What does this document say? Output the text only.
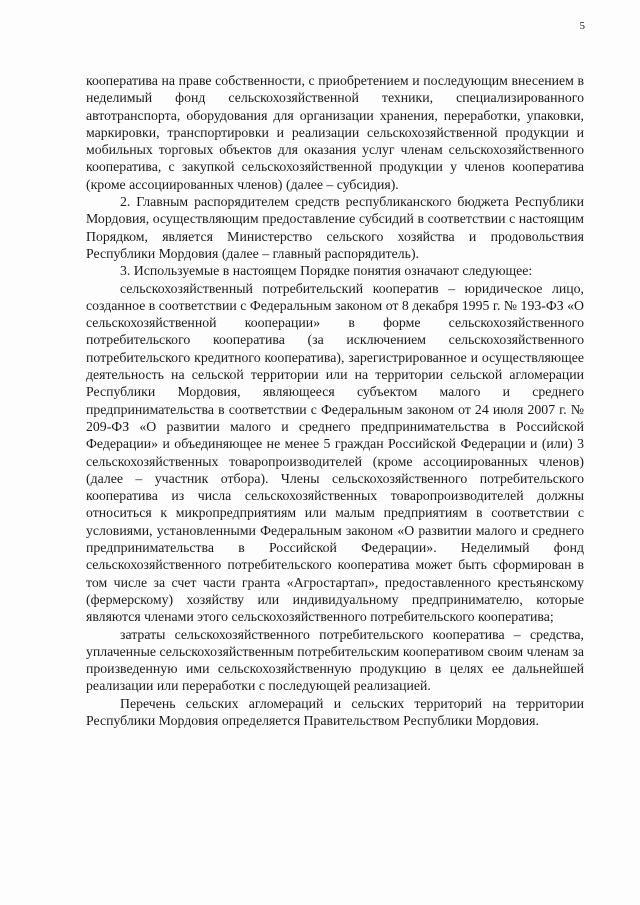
5

кооператива на праве собственности, с приобретением и последующим внесением в неделимый фонд сельскохозяйственной техники, специализированного автотранспорта, оборудования для организации хранения, переработки, упаковки, маркировки, транспортировки и реализации сельскохозяйственной продукции и мобильных торговых объектов для оказания услуг членам сельскохозяйственного кооператива, с закупкой сельскохозяйственной продукции у членов кооператива (кроме ассоциированных членов) (далее – субсидия).

2. Главным распорядителем средств республиканского бюджета Республики Мордовия, осуществляющим предоставление субсидий в соответствии с настоящим Порядком, является Министерство сельского хозяйства и продовольствия Республики Мордовия (далее – главный распорядитель).

3. Используемые в настоящем Порядке понятия означают следующее:

сельскохозяйственный потребительский кооператив – юридическое лицо, созданное в соответствии с Федеральным законом от 8 декабря 1995 г. № 193-ФЗ «О сельскохозяйственной кооперации» в форме сельскохозяйственного потребительского кооператива (за исключением сельскохозяйственного потребительского кредитного кооператива), зарегистрированное и осуществляющее деятельность на сельской территории или на территории сельской агломерации Республики Мордовия, являющееся субъектом малого и среднего предпринимательства в соответствии с Федеральным законом от 24 июля 2007 г. № 209-ФЗ «О развитии малого и среднего предпринимательства в Российской Федерации» и объединяющее не менее 5 граждан Российской Федерации и (или) 3 сельскохозяйственных товаропроизводителей (кроме ассоциированных членов) (далее – участник отбора). Члены сельскохозяйственного потребительского кооператива из числа сельскохозяйственных товаропроизводителей должны относиться к микропредприятиям или малым предприятиям в соответствии с условиями, установленными Федеральным законом «О развитии малого и среднего предпринимательства в Российской Федерации». Неделимый фонд сельскохозяйственного потребительского кооператива может быть сформирован в том числе за счет части гранта «Агростартап», предоставленного крестьянскому (фермерскому) хозяйству или индивидуальному предпринимателю, которые являются членами этого сельскохозяйственного потребительского кооператива;

затраты сельскохозяйственного потребительского кооператива – средства, уплаченные сельскохозяйственным потребительским кооперативом своим членам за произведенную ими сельскохозяйственную продукцию в целях ее дальнейшей реализации или переработки с последующей реализацией.

Перечень сельских агломераций и сельских территорий на территории Республики Мордовия определяется Правительством Республики Мордовия.
